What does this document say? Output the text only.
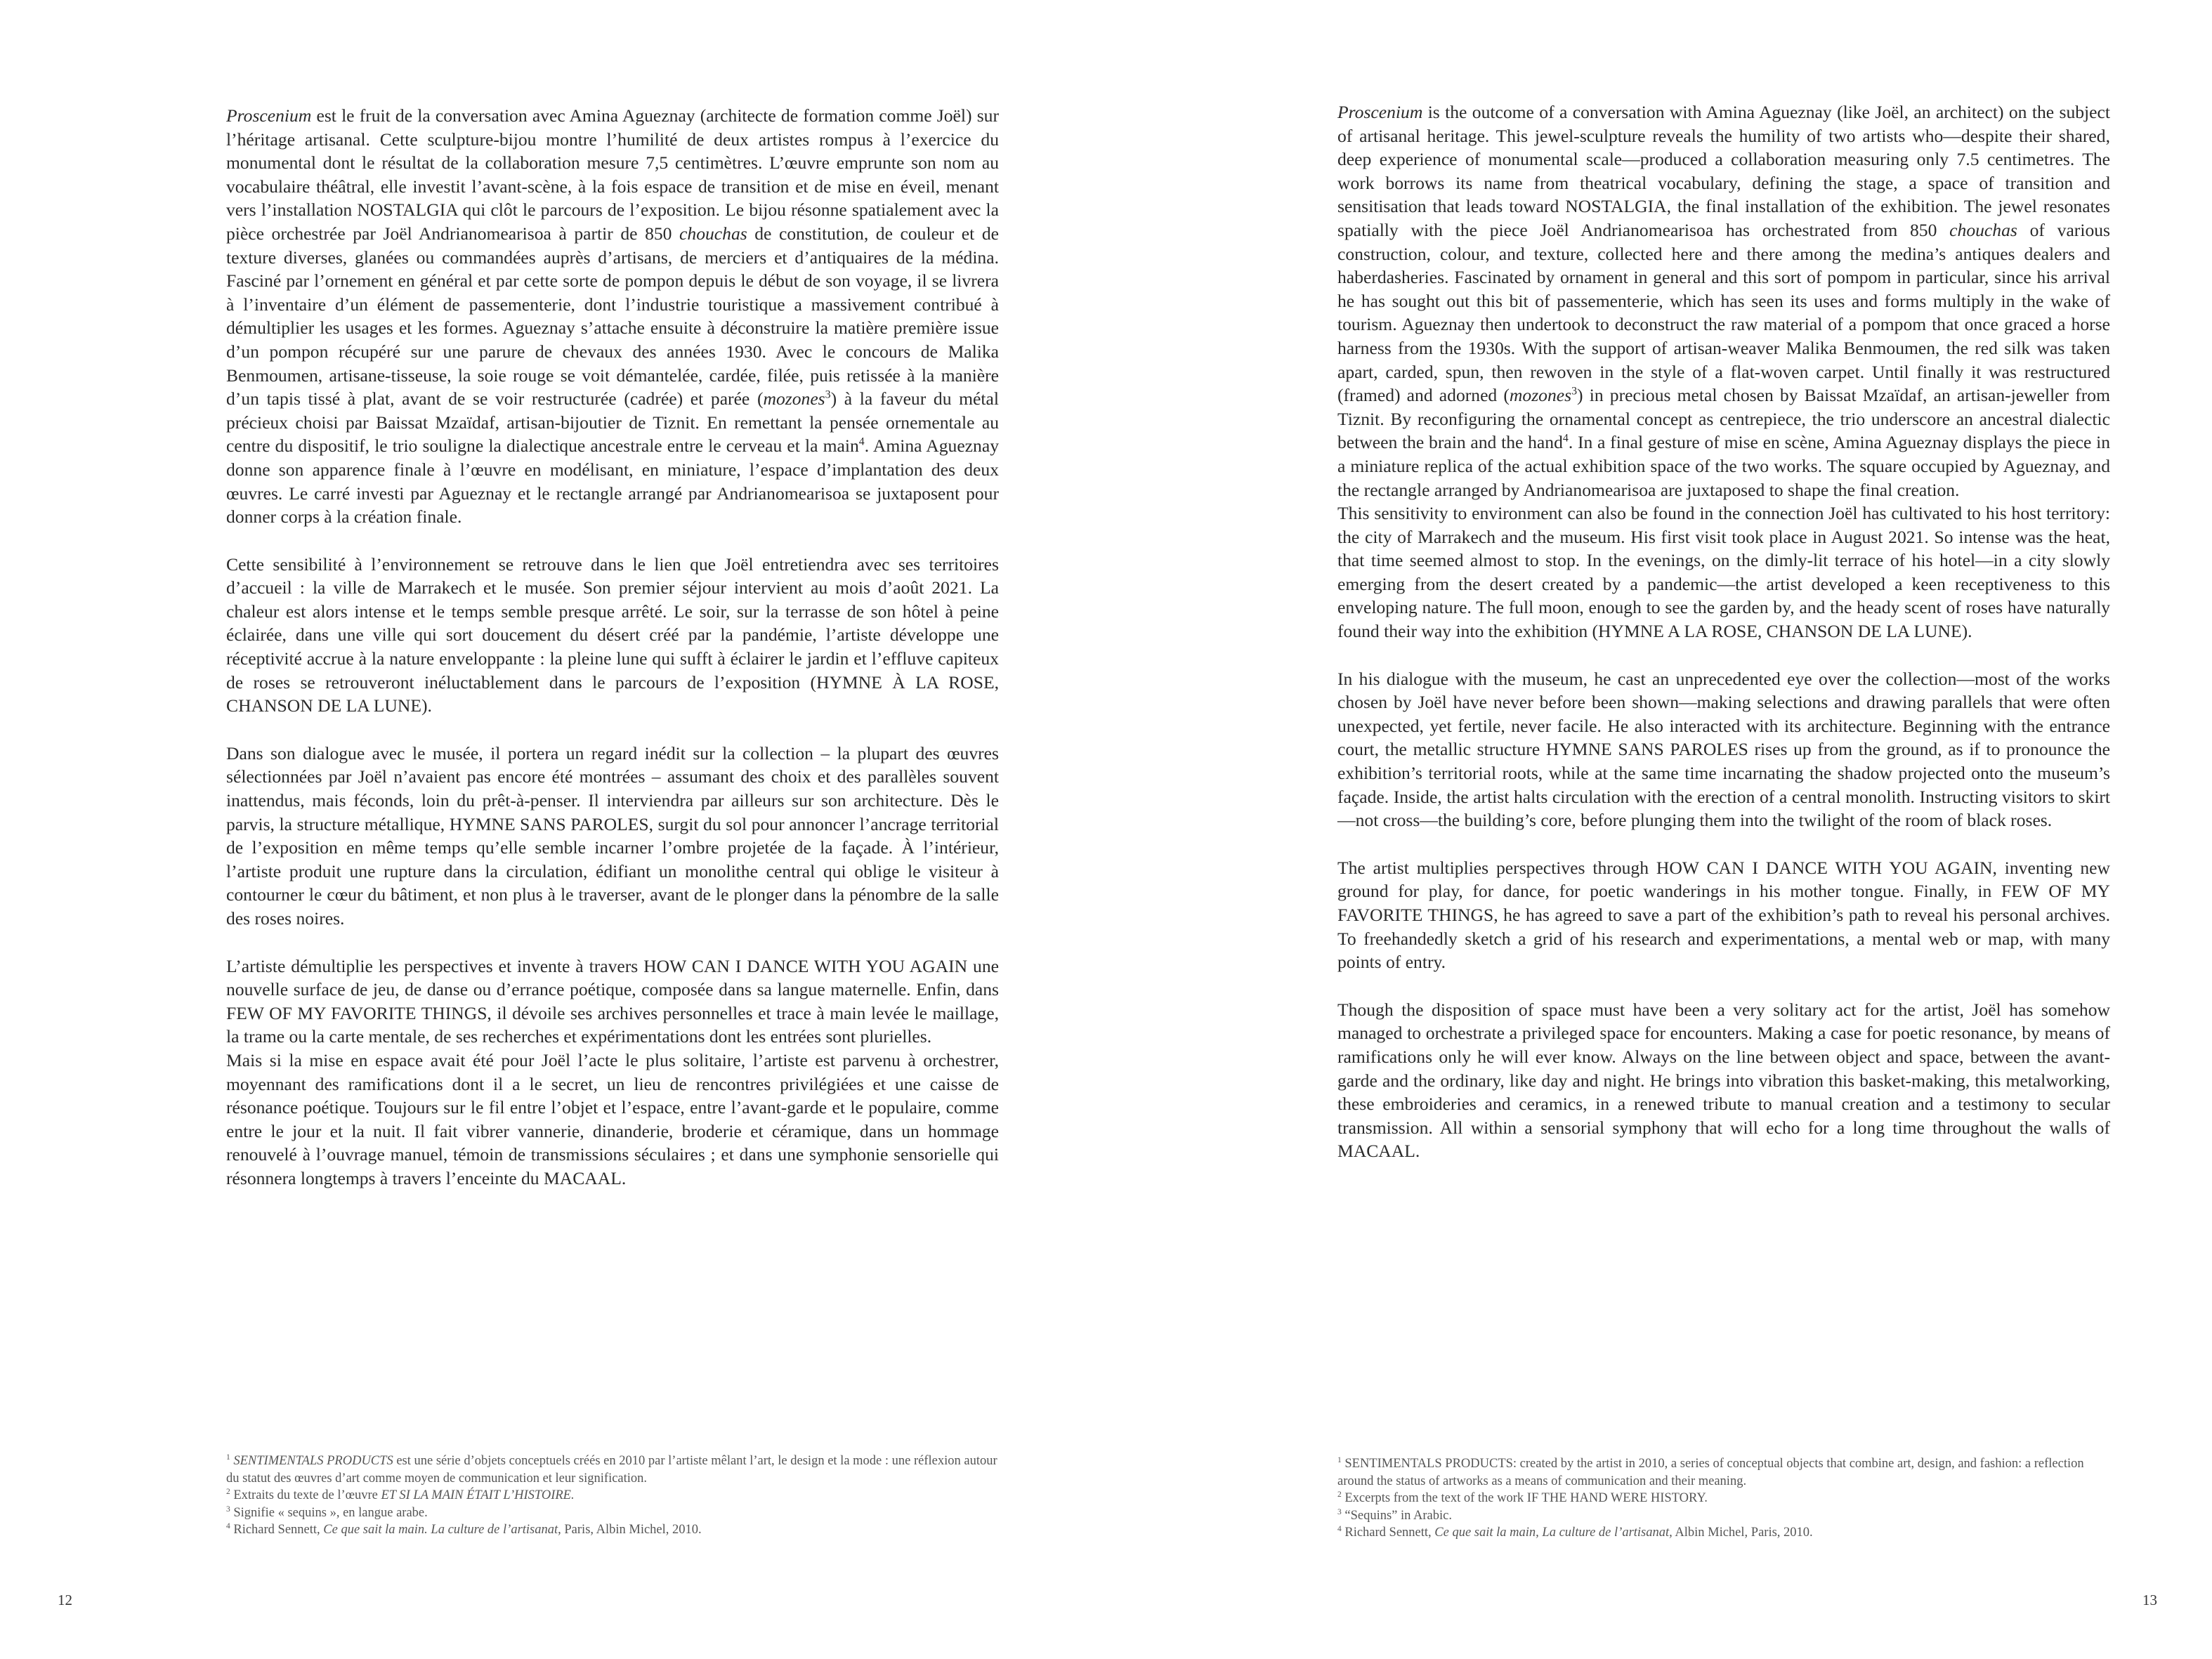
Proscenium est le fruit de la conversation avec Amina Agueznay (architecte de formation comme Joël) sur l’héritage artisanal. Cette sculpture-bijou montre l’humilité de deux artistes rompus à l’exercice du monumental dont le résultat de la collaboration mesure 7,5 centimètres. L’œuvre emprunte son nom au vocabulaire théâtral, elle investit l’avant-scène, à la fois espace de transition et de mise en éveil, menant vers l’installation NOSTALGIA qui clôt le parcours de l’exposition. Le bijou résonne spatialement avec la pièce orchestrée par Joël Andrianomearisoa à partir de 850 chouchas de constitution, de couleur et de texture diverses, glanées ou commandées auprès d’artisans, de merciers et d’antiquaires de la médina. Fasciné par l’ornement en général et par cette sorte de pompon depuis le début de son voyage, il se livrera à l’inventaire d’un élément de passementerie, dont l’industrie touristique a massivement contribué à démultiplier les usages et les formes. Agueznay s’attache ensuite à déconstruire la matière première issue d’un pompon récupéré sur une parure de chevaux des années 1930. Avec le concours de Malika Benmoumen, artisane-tisseuse, la soie rouge se voit démantelée, cardée, filée, puis retissée à la manière d’un tapis tissé à plat, avant de se voir restructurée (cadrée) et parée (mozones$^3$) à la faveur du métal précieux choisi par Baissat Mzaïdaf, artisan-bijoutier de Tiznit. En remettant la pensée ornementale au centre du dispositif, le trio souligne la dialectique ancestrale entre le cerveau et la main$^4$. Amina Agueznay donne son apparence finale à l’œuvre en modélisant, en miniature, l’espace d’implantation des deux œuvres. Le carré investi par Agueznay et le rectangle arrangé par Andrianomearisoa se juxtaposent pour donner corps à la création finale.

Cette sensibilité à l’environnement se retrouve dans le lien que Joël entretiendra avec ses territoires d’accueil : la ville de Marrakech et le musée. Son premier séjour intervient au mois d’août 2021. La chaleur est alors intense et le temps semble presque arrêté. Le soir, sur la terrasse de son hôtel à peine éclairée, dans une ville qui sort doucement du désert créé par la pandémie, l’artiste développe une réceptivité accrue à la nature enveloppante : la pleine lune qui sufft à éclairer le jardin et l’effluve capiteux de roses se retrouveront inéluctablement dans le parcours de l’exposition (HYMNE À LA ROSE, CHANSON DE LA LUNE).

Dans son dialogue avec le musée, il portera un regard inédit sur la collection – la plupart des œuvres sélectionnées par Joël n’avaient pas encore été montrées – assumant des choix et des parallèles souvent inattendus, mais féconds, loin du prêt-à-penser. Il interviendra par ailleurs sur son architecture. Dès le parvis, la structure métallique, HYMNE SANS PAROLES, surgit du sol pour annoncer l’ancrage territorial de l’exposition en même temps qu’elle semble incarner l’ombre projetée de la façade. À l’intérieur, l’artiste produit une rupture dans la circulation, édifiant un monolithe central qui oblige le visiteur à contourner le cœur du bâtiment, et non plus à le traverser, avant de le plonger dans la pénombre de la salle des roses noires.

L’artiste démultiplie les perspectives et invente à travers HOW CAN I DANCE WITH YOU AGAIN une nouvelle surface de jeu, de danse ou d’errance poétique, composée dans sa langue maternelle. Enfin, dans FEW OF MY FAVORITE THINGS, il dévoile ses archives personnelles et trace à main levée le maillage, la trame ou la carte mentale, de ses recherches et expérimentations dont les entrées sont plurielles.

Mais si la mise en espace avait été pour Joël l’acte le plus solitaire, l’artiste est parvenu à orchestrer, moyennant des ramifications dont il a le secret, un lieu de rencontres privilégiées et une caisse de résonance poétique. Toujours sur le fil entre l’objet et l’espace, entre l’avant-garde et le populaire, comme entre le jour et la nuit. Il fait vibrer vannerie, dinanderie, broderie et céramique, dans un hommage renouvelé à l’ouvrage manuel, témoin de transmissions séculaires ; et dans une symphonie sensorielle qui résonnera longtemps à travers l’enceinte du MACAAL.

$^1$ SENTIMENTALS PRODUCTS est une série d’objets conceptuels créés en 2010 par l’artiste mêlant l’art, le design et la mode : une réflexion autour du statut des œuvres d’art comme moyen de communication et leur signification.
$^2$ Extraits du texte de l’œuvre ET SI LA MAIN ÉTAIT L’HISTOIRE.
$^3$ Signifie « sequins », en langue arabe.
$^4$ Richard Sennett, Ce que sait la main. La culture de l’artisanat, Paris, Albin Michel, 2010.
12

Proscenium is the outcome of a conversation with Amina Agueznay (like Joël, an architect) on the subject of artisanal heritage. This jewel-sculpture reveals the humility of two artists who—despite their shared, deep experience of monumental scale—produced a collaboration measuring only 7.5 centimetres. The work borrows its name from theatrical vocabulary, defining the stage, a space of transition and sensitisation that leads toward NOSTALGIA, the final installation of the exhibition. The jewel resonates spatially with the piece Joël Andrianomearisoa has orchestrated from 850 chouchas of various construction, colour, and texture, collected here and there among the medina’s antiques dealers and haberdasheries. Fascinated by ornament in general and this sort of pompom in particular, since his arrival he has sought out this bit of passementerie, which has seen its uses and forms multiply in the wake of tourism. Agueznay then undertook to deconstruct the raw material of a pompom that once graced a horse harness from the 1930s. With the support of artisan-weaver Malika Benmoumen, the red silk was taken apart, carded, spun, then rewoven in the style of a flat-woven carpet. Until finally it was restructured (framed) and adorned (mozones$^3$) in precious metal chosen by Baissat Mzaïdaf, an artisan-jeweller from Tiznit. By reconfiguring the ornamental concept as centrepiece, the trio underscore an ancestral dialectic between the brain and the hand$^4$. In a final gesture of mise en scène, Amina Agueznay displays the piece in a miniature replica of the actual exhibition space of the two works. The square occupied by Agueznay, and the rectangle arranged by Andrianomearisoa are juxtaposed to shape the final creation.

This sensitivity to environment can also be found in the connection Joël has cultivated to his host territory: the city of Marrakech and the museum. His first visit took place in August 2021. So intense was the heat, that time seemed almost to stop. In the evenings, on the dimly-lit terrace of his hotel—in a city slowly emerging from the desert created by a pandemic—the artist developed a keen receptiveness to this enveloping nature. The full moon, enough to see the garden by, and the heady scent of roses have naturally found their way into the exhibition (HYMNE A LA ROSE, CHANSON DE LA LUNE).

In his dialogue with the museum, he cast an unprecedented eye over the collection—most of the works chosen by Joël have never before been shown—making selections and drawing parallels that were often unexpected, yet fertile, never facile. He also interacted with its architecture. Beginning with the entrance court, the metallic structure HYMNE SANS PAROLES rises up from the ground, as if to pronounce the exhibition’s territorial roots, while at the same time incarnating the shadow projected onto the museum’s façade. Inside, the artist halts circulation with the erection of a central monolith. Instructing visitors to skirt—not cross—the building’s core, before plunging them into the twilight of the room of black roses.

The artist multiplies perspectives through HOW CAN I DANCE WITH YOU AGAIN, inventing new ground for play, for dance, for poetic wanderings in his mother tongue. Finally, in FEW OF MY FAVORITE THINGS, he has agreed to save a part of the exhibition’s path to reveal his personal archives. To freehandedly sketch a grid of his research and experimentations, a mental web or map, with many points of entry.

Though the disposition of space must have been a very solitary act for the artist, Joël has somehow managed to orchestrate a privileged space for encounters. Making a case for poetic resonance, by means of ramifications only he will ever know. Always on the line between object and space, between the avant-garde and the ordinary, like day and night. He brings into vibration this basket-making, this metalworking, these embroideries and ceramics, in a renewed tribute to manual creation and a testimony to secular transmission. All within a sensorial symphony that will echo for a long time throughout the walls of MACAAL.

$^1$ SENTIMENTALS PRODUCTS: created by the artist in 2010, a series of conceptual objects that combine art, design, and fashion: a reflection around the status of artworks as a means of communication and their meaning.
$^2$ Excerpts from the text of the work IF THE HAND WERE HISTORY.
$^3$ “Sequins” in Arabic.
$^4$ Richard Sennett, Ce que sait la main, La culture de l’artisanat, Albin Michel, Paris, 2010.
13
